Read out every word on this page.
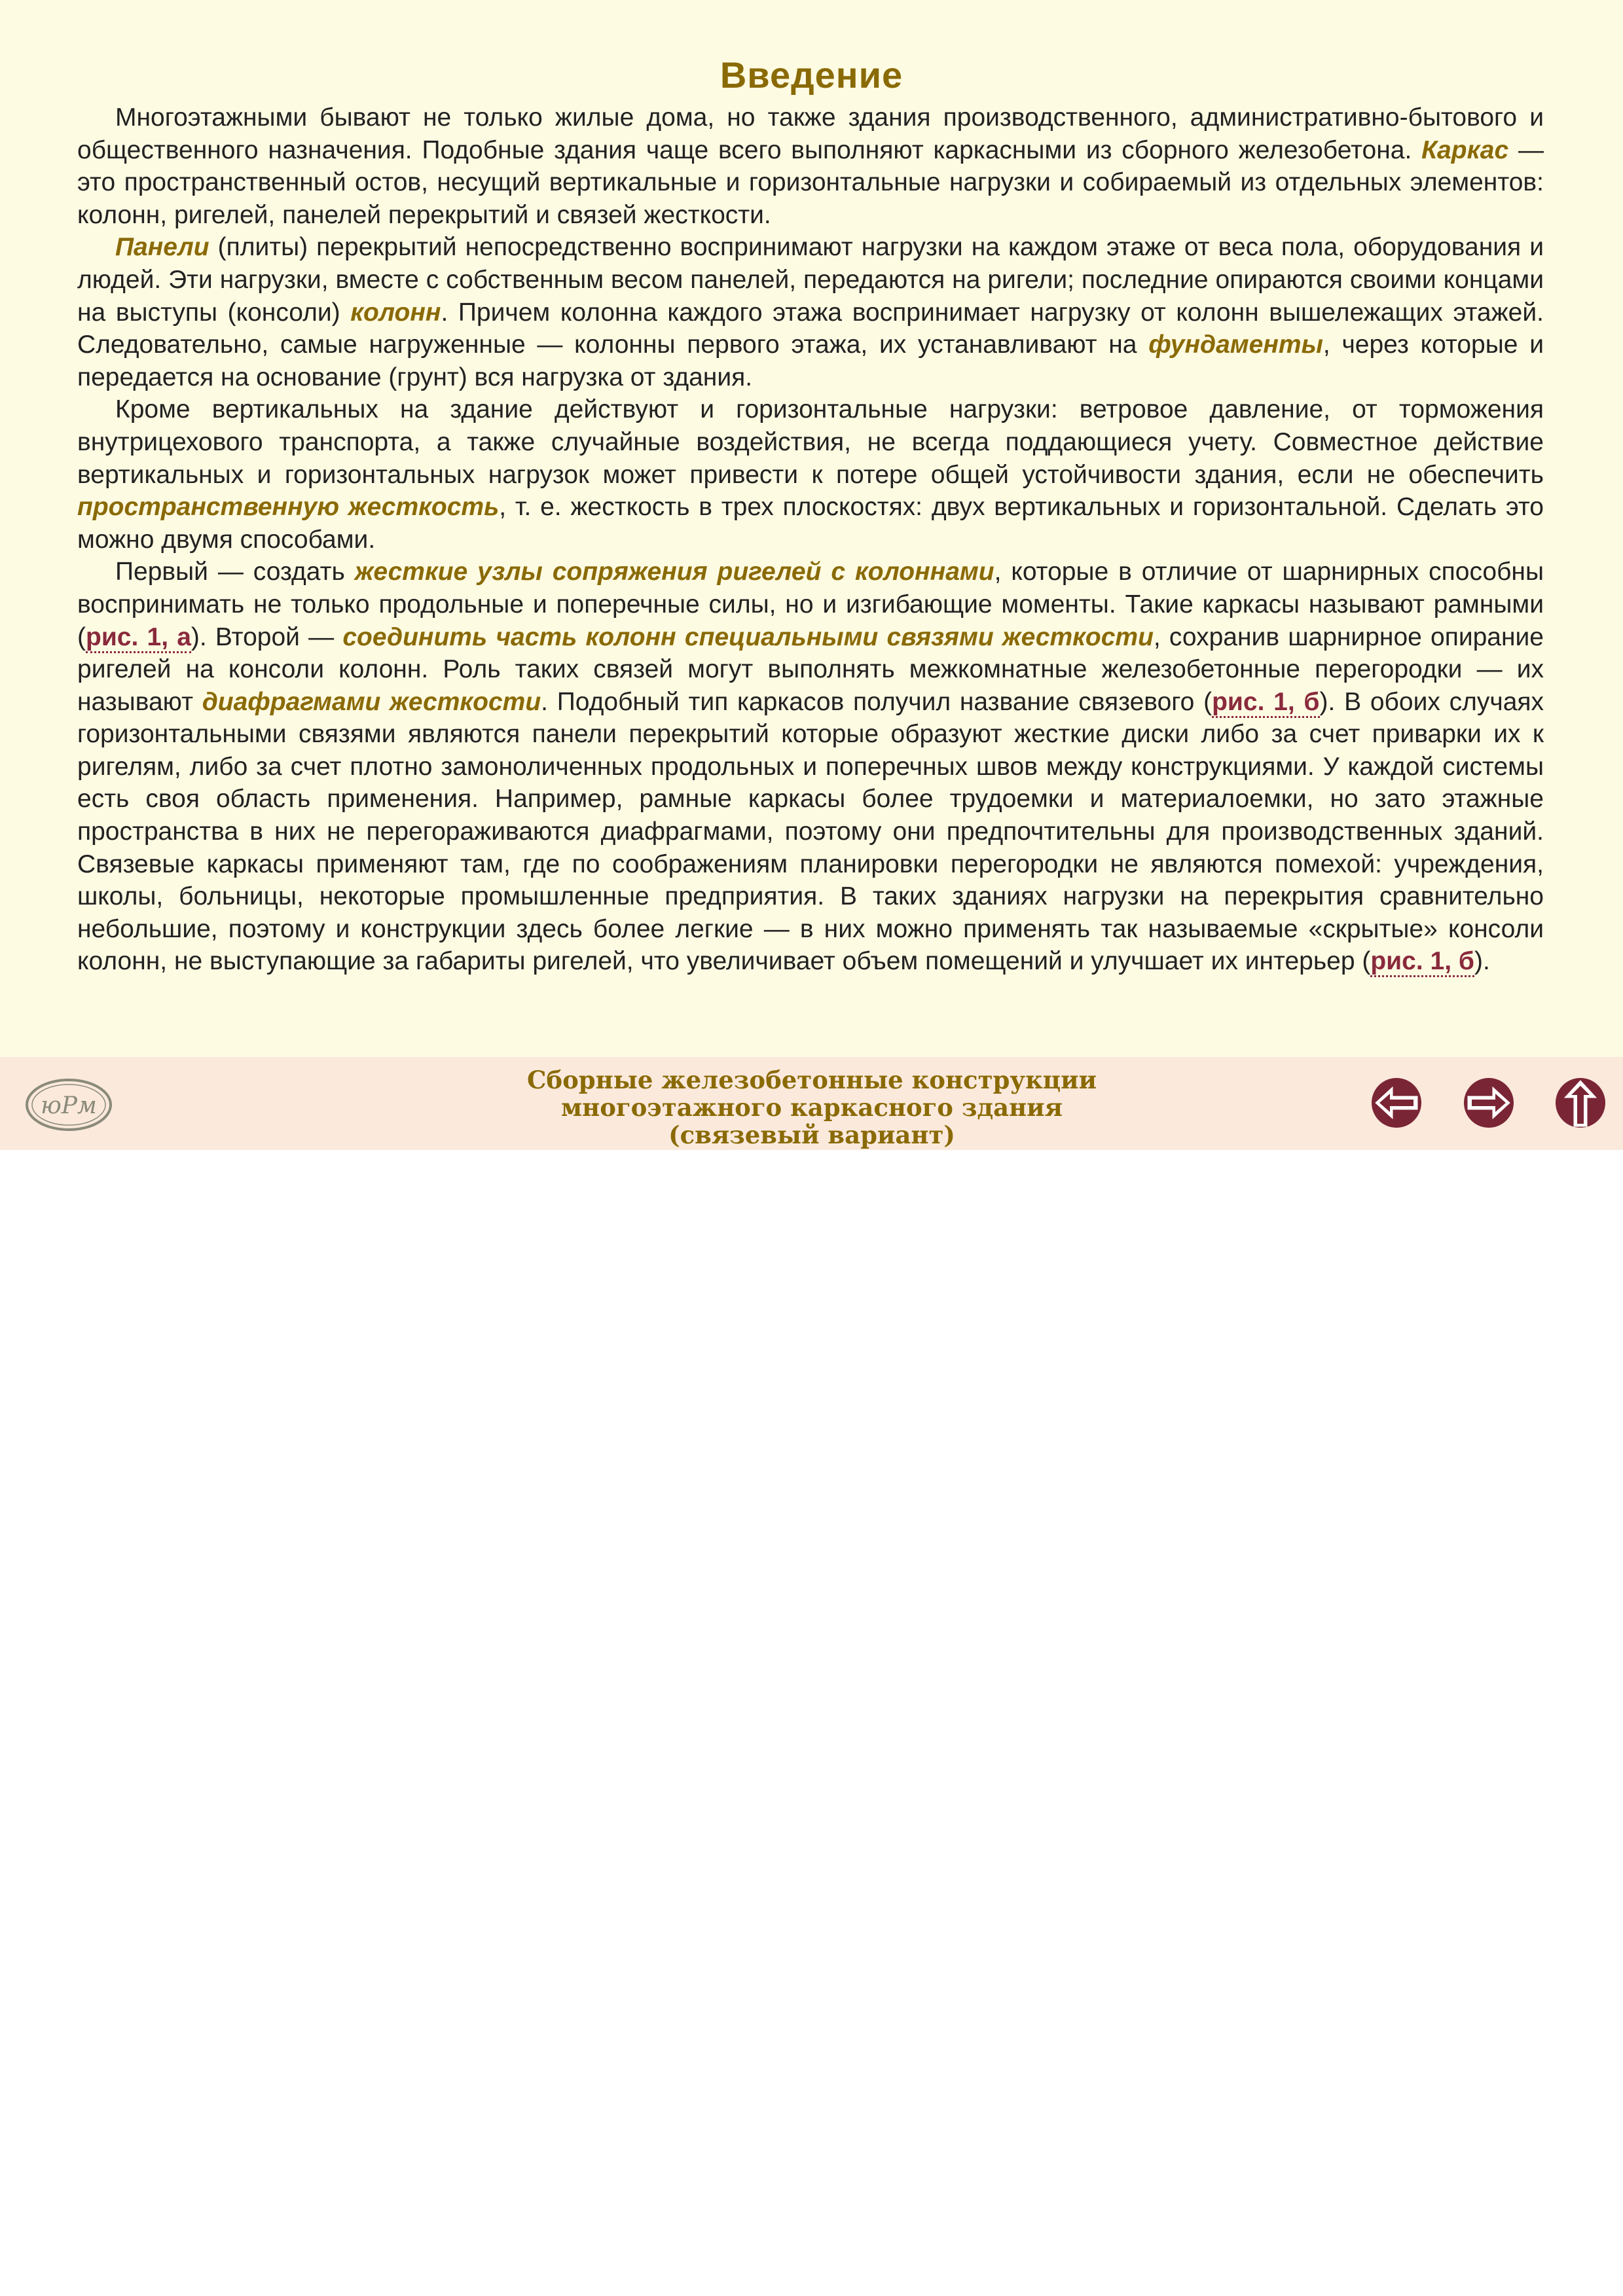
Введение

Многоэтажными бывают не только жилые дома, но также здания производственного, административно-бытового и общественного назначения. Подобные здания чаще всего выполняют каркасными из сборного железобетона. Каркас — это пространственный остов, несущий вертикальные и горизонтальные нагрузки и собираемый из отдельных элементов: колонн, ригелей, панелей перекрытий и связей жесткости.

Панели (плиты) перекрытий непосредственно воспринимают нагрузки на каждом этаже от веса пола, оборудования и людей. Эти нагрузки, вместе с собственным весом панелей, передаются на ригели; последние опираются своими концами на выступы (консоли) колонн. Причем колонна каждого этажа воспринимает нагрузку от колонн вышележащих этажей. Следовательно, самые нагруженные — колонны первого этажа, их устанавливают на фундаменты, через которые и передается на основание (грунт) вся нагрузка от здания.

Кроме вертикальных на здание действуют и горизонтальные нагрузки: ветровое давление, от торможения внутрицехового транспорта, а также случайные воздействия, не всегда поддающиеся учету. Совместное действие вертикальных и горизонтальных нагрузок может привести к потере общей устойчивости здания, если не обеспечить пространственную жесткость, т. е. жесткость в трех плоскостях: двух вертикальных и горизонтальной. Сделать это можно двумя способами.

Первый — создать жесткие узлы сопряжения ригелей с колоннами, которые в отличие от шарнирных способны воспринимать не только продольные и поперечные силы, но и изгибающие моменты. Такие каркасы называют рамными (рис. 1, а). Второй — соединить часть колонн специальными связями жесткости, сохранив шарнирное опирание ригелей на консоли колонн. Роль таких связей могут выполнять межкомнатные железобетонные перегородки — их называют диафрагмами жесткости. Подобный тип каркасов получил название связевого (рис. 1, б). В обоих случаях горизонтальными связями являются панели перекрытий которые образуют жесткие диски либо за счет приварки их к ригелям, либо за счет плотно замоноличенных продольных и поперечных швов между конструкциями. У каждой системы есть своя область применения. Например, рамные каркасы более трудоемки и материалоемки, но зато этажные пространства в них не перегораживаются диафрагмами, поэтому они предпочтительны для производственных зданий. Связевые каркасы применяют там, где по соображениям планировки перегородки не являются помехой: учреждения, школы, больницы, некоторые промышленные предприятия. В таких зданиях нагрузки на перекрытия сравнительно небольшие, поэтому и конструкции здесь более легкие — в них можно применять так называемые «скрытые» консоли колонн, не выступающие за габариты ригелей, что увеличивает объем помещений и улучшает их интерьер (рис. 1, б).

юРм
Сборные железобетонные конструкции
многоэтажного каркасного здания
(связевый вариант)
